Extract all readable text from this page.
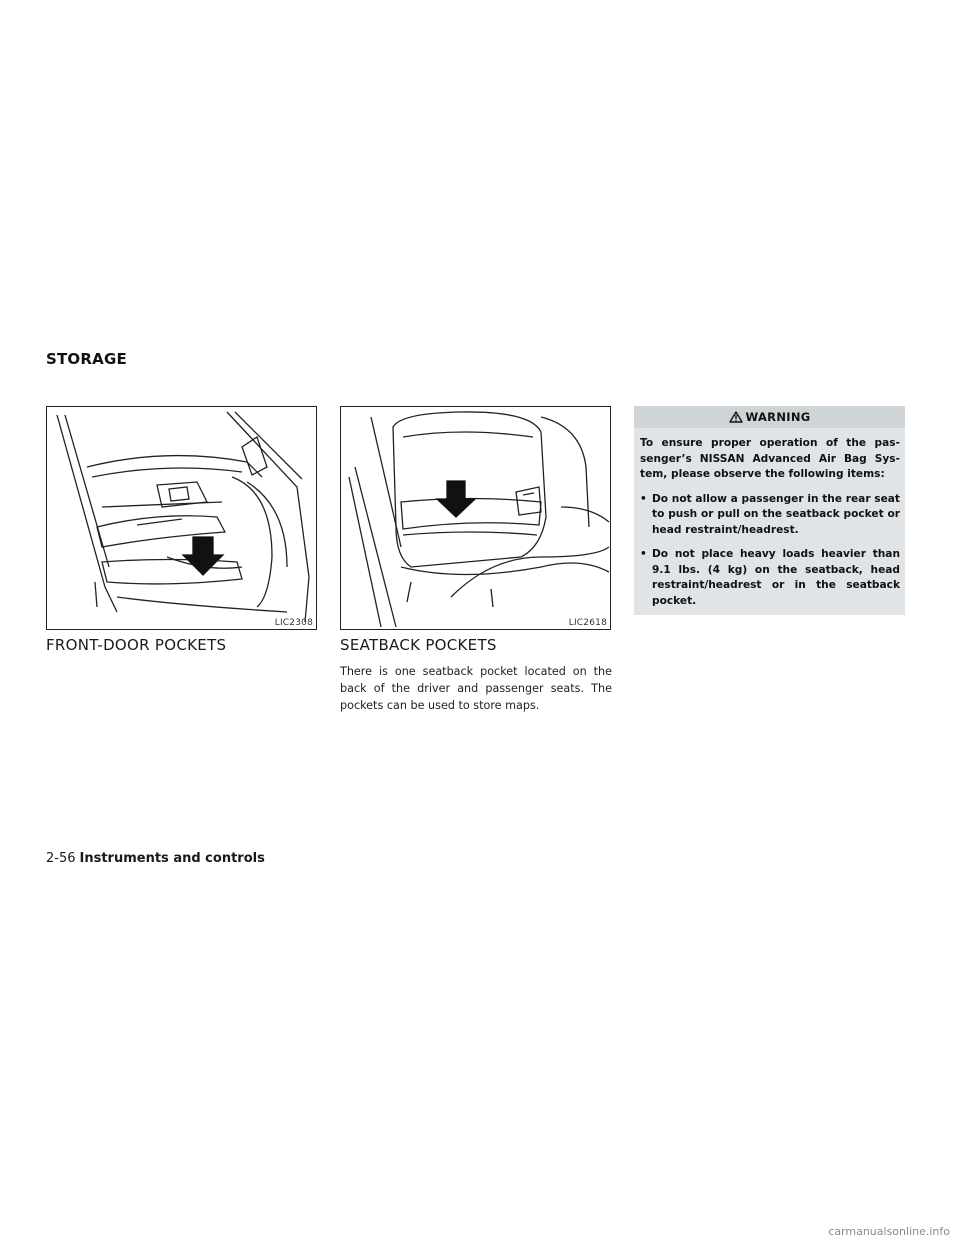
STORAGE
LIC2308	LIC2618
FRONT-DOOR POCKETS	SEATBACK POCKETS

There is one seatback pocket located on the back of the driver and passenger seats. The pockets can be used to store maps.

WARNING

To ensure proper operation of the pas-senger’s NISSAN Advanced Air Bag Sys-tem, please observe the following items:

• Do not allow a passenger in the rear seat to push or pull on the seatback pocket or head restraint/headrest.
• Do not place heavy loads heavier than 9.1 lbs. (4 kg) on the seatback, head restraint/headrest or in the seatback pocket.
2-56 Instruments and controls
carmanualsonline.info
